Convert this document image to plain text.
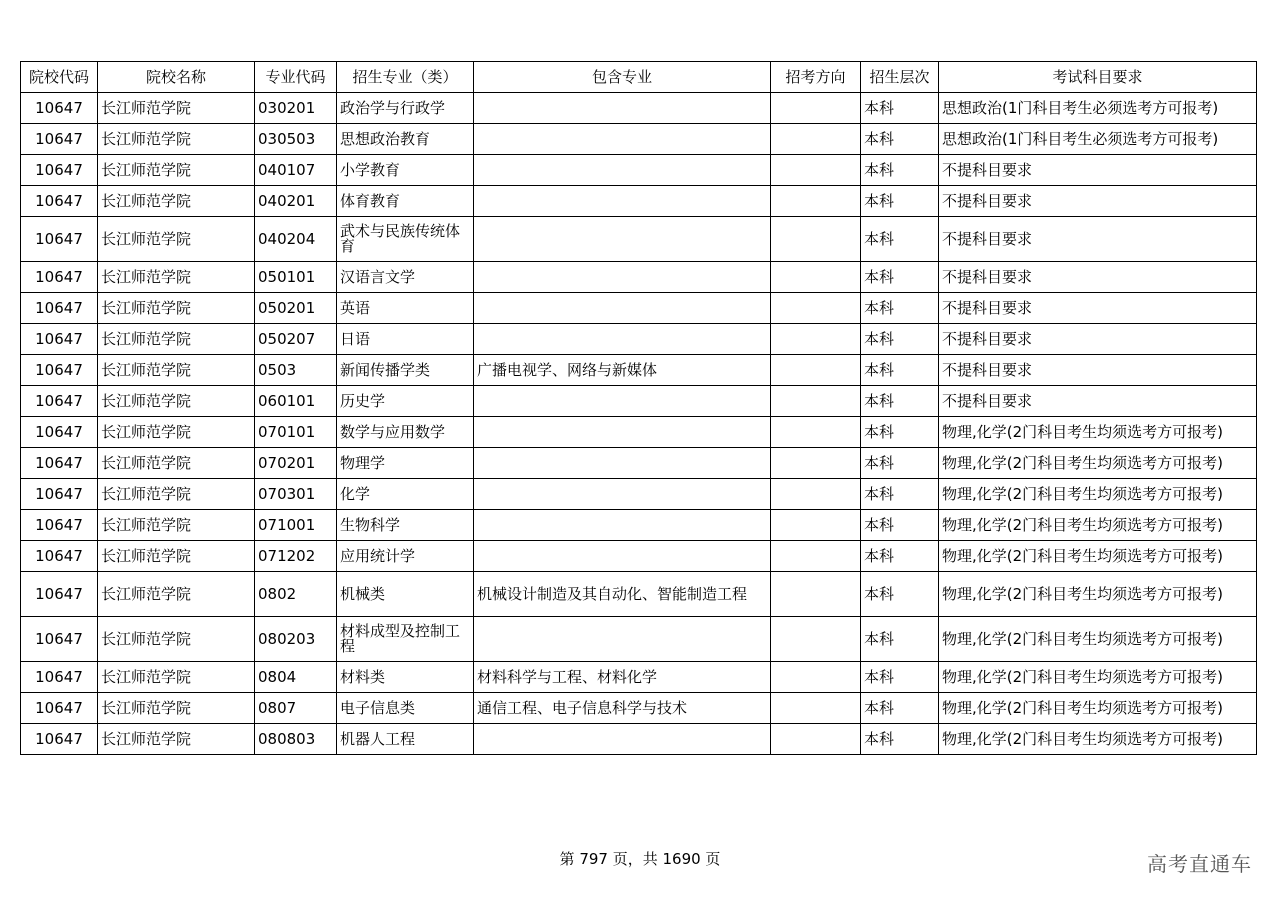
院校代码	院校名称	专业代码	招生专业（类）	包含专业	招考方向	招生层次	考试科目要求
10647	长江师范学院	030201	政治学与行政学			本科	思想政治(1门科目考生必须选考方可报考)
10647	长江师范学院	030503	思想政治教育			本科	思想政治(1门科目考生必须选考方可报考)
10647	长江师范学院	040107	小学教育			本科	不提科目要求
10647	长江师范学院	040201	体育教育			本科	不提科目要求
10647	长江师范学院	040204	武术与民族传统体育			本科	不提科目要求
10647	长江师范学院	050101	汉语言文学			本科	不提科目要求
10647	长江师范学院	050201	英语			本科	不提科目要求
10647	长江师范学院	050207	日语			本科	不提科目要求
10647	长江师范学院	0503	新闻传播学类	广播电视学、网络与新媒体		本科	不提科目要求
10647	长江师范学院	060101	历史学			本科	不提科目要求
10647	长江师范学院	070101	数学与应用数学			本科	物理,化学(2门科目考生均须选考方可报考)
10647	长江师范学院	070201	物理学			本科	物理,化学(2门科目考生均须选考方可报考)
10647	长江师范学院	070301	化学			本科	物理,化学(2门科目考生均须选考方可报考)
10647	长江师范学院	071001	生物科学			本科	物理,化学(2门科目考生均须选考方可报考)
10647	长江师范学院	071202	应用统计学			本科	物理,化学(2门科目考生均须选考方可报考)
10647	长江师范学院	0802	机械类	机械设计制造及其自动化、智能制造工程		本科	物理,化学(2门科目考生均须选考方可报考)
10647	长江师范学院	080203	材料成型及控制工程			本科	物理,化学(2门科目考生均须选考方可报考)
10647	长江师范学院	0804	材料类	材料科学与工程、材料化学		本科	物理,化学(2门科目考生均须选考方可报考)
10647	长江师范学院	0807	电子信息类	通信工程、电子信息科学与技术		本科	物理,化学(2门科目考生均须选考方可报考)
10647	长江师范学院	080803	机器人工程			本科	物理,化学(2门科目考生均须选考方可报考)
第 797 页，共 1690 页	高考直通车
